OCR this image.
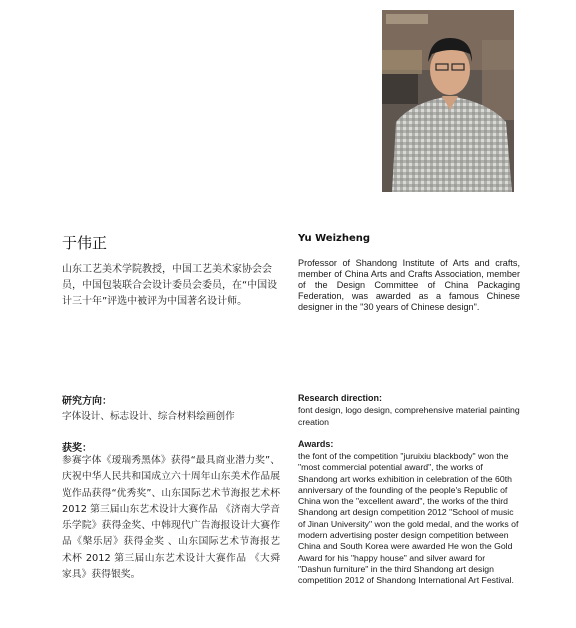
于伟正	Yu Weizheng
山东工艺美术学院教授，中国工艺美术家协会会员，中国包装联合会设计委员会委员，在“中国设计三十年”评选中被评为中国著名设计师。
Professor of Shandong Institute of Arts and crafts, member of China Arts and Crafts Association, member of the Design Committee of China Packaging Federation, was awarded as a famous Chinese designer in the "30 years of Chinese design".
研究方向：
字体设计、标志设计、综合材料绘画创作
Research direction:
font design, logo design, comprehensive material painting creation
获奖：
参赛字体《瑷瑞秀黑体》获得“最具商业潜力奖”、庆祝中华人民共和国成立六十周年山东美术作品展览作品获得“优秀奖”、山东国际艺术节海报艺术杯 2012 第三届山东艺术设计大赛作品 《济南大学音乐学院》获得金奖、中韩现代广告海报设计大赛作品《槃乐居》获得金奖 、山东国际艺术节海报艺术杯 2012 第三届山东艺术设计大赛作品 《大舜家具》获得银奖。
Awards:
the font of the competition "juruixiu blackbody" won the "most commercial potential award", the works of Shandong art works exhibition in celebration of the 60th anniversary of the founding of the people's Republic of China won the "excellent award", the works of the third Shandong art design competition 2012 "School of music of Jinan University" won the gold medal, and the works of modern advertising poster design competition between China and South Korea were awarded He won the Gold Award for his "happy house" and silver award for "Dashun furniture" in the third Shandong art design competition 2012 of Shandong International Art Festival.
